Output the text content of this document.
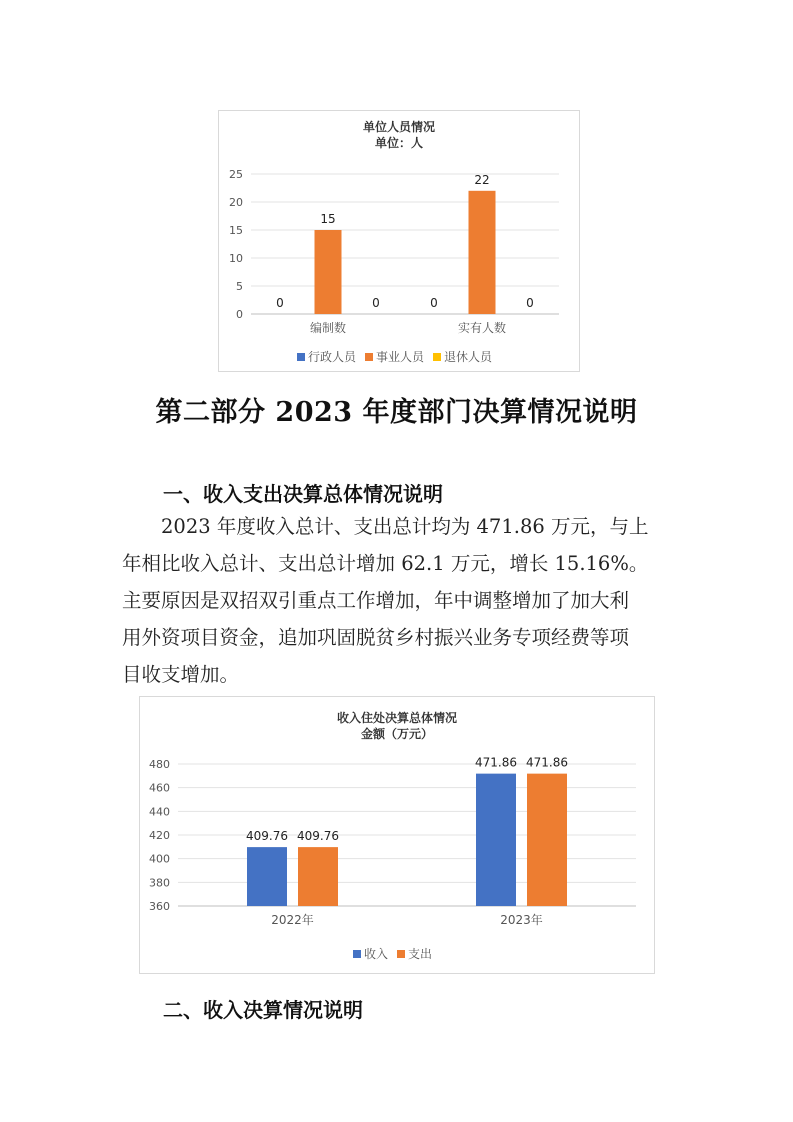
单位人员情况
单位：人
0
5
10
15
20
25
0
15
0
编制数
0
22
0
实有人数
行政人员 事业人员 退休人员
第二部分 2023 年度部门决算情况说明
一、收入支出决算总体情况说明
2023 年度收入总计、支出总计均为 471.86 万元，与上
年相比收入总计、支出总计增加 62.1 万元，增长 15.16%。
主要原因是双招双引重点工作增加，年中调整增加了加大利
用外资项目资金，追加巩固脱贫乡村振兴业务专项经费等项
目收支增加。
收入住处决算总体情况
金额（万元）
360
380
400
420
440
460
480
409.76 409.76
2022年
471.86 471.86
2023年
收入 支出
二、收入决算情况说明
